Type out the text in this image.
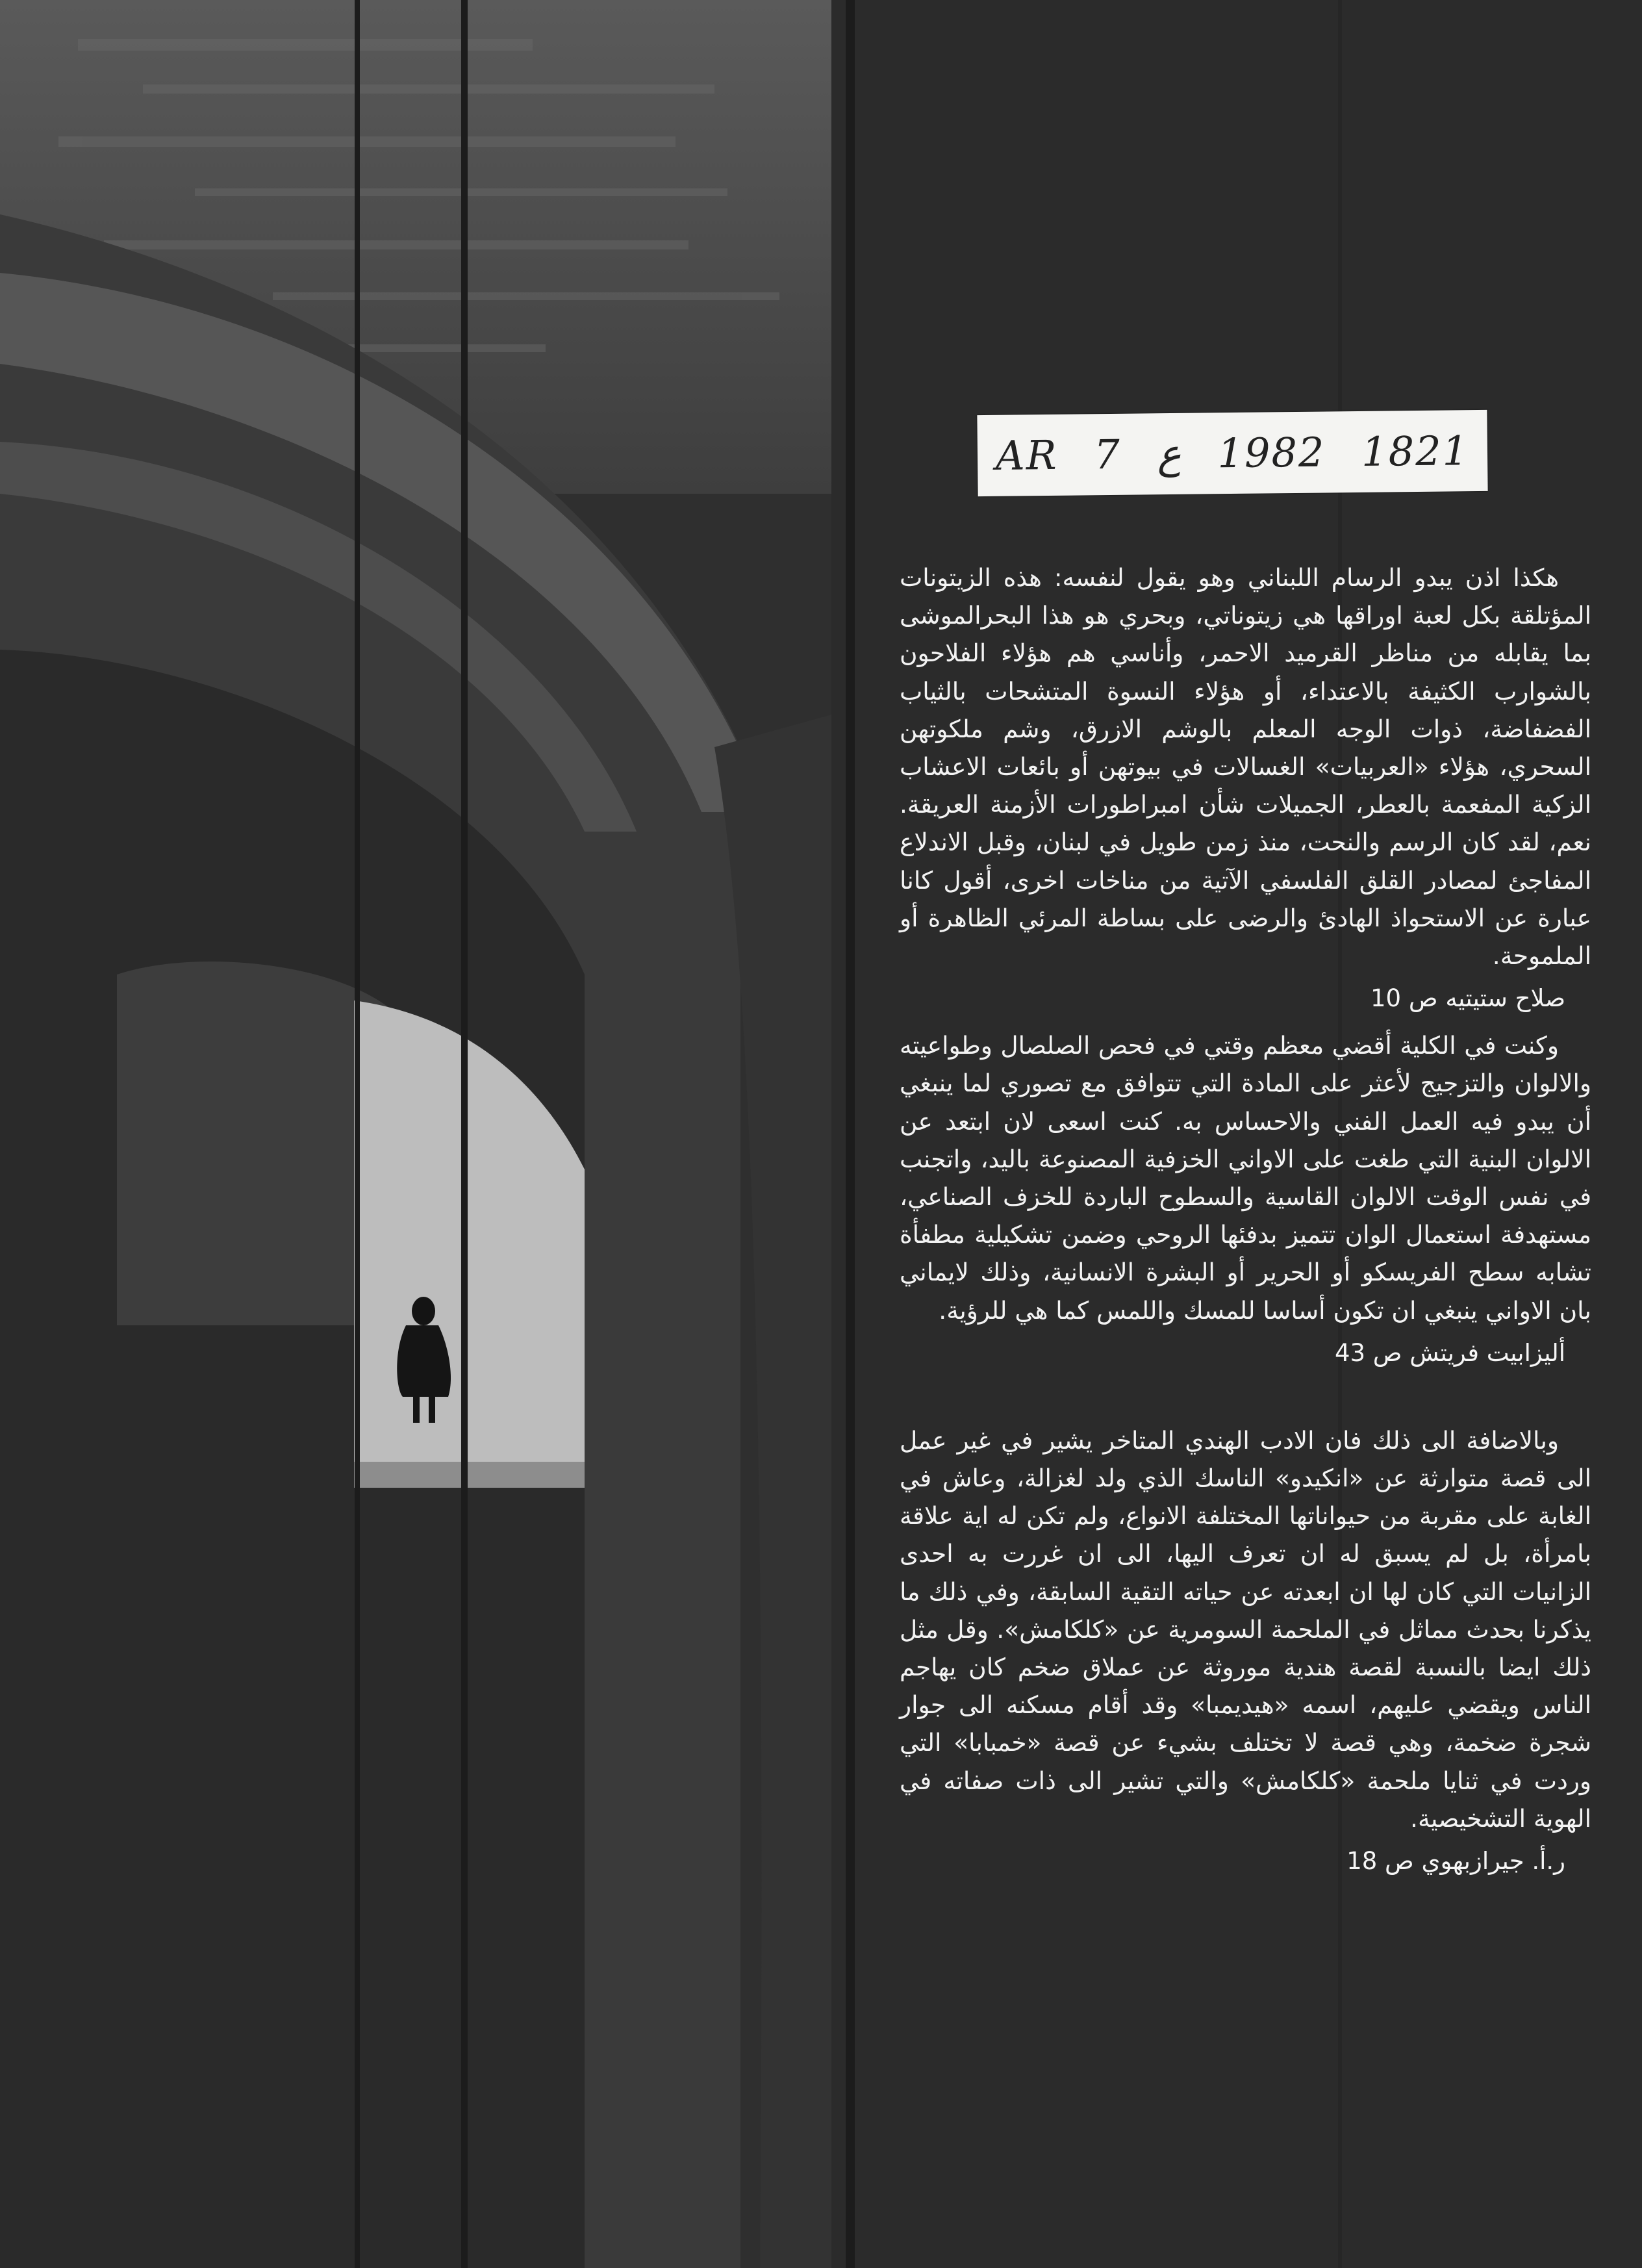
AR 7 ع 1982 1821

هكذا اذن يبدو الرسام اللبناني وهو يقول لنفسه: هذه الزيتونات المؤتلقة بكل لعبة اوراقها هي زيتوناتي، وبحري هو هذا البحرالموشى بما يقابله من مناظر القرميد الاحمر، وأناسي هم هؤلاء الفلاحون بالشوارب الكثيفة بالاعتداء، أو هؤلاء النسوة المتشحات بالثياب الفضفاضة، ذوات الوجه المعلم بالوشم الازرق، وشم ملكوتهن السحري، هؤلاء «العربيات» الغسالات في بيوتهن أو بائعات الاعشاب الزكية المفعمة بالعطر، الجميلات شأن امبراطورات الأزمنة العريقة. نعم، لقد كان الرسم والنحت، منذ زمن طويل في لبنان، وقبل الاندلاع المفاجئ لمصادر القلق الفلسفي الآتية من مناخات اخرى، أقول كانا عبارة عن الاستحواذ الهادئ والرضى على بساطة المرئي الظاهرة أو الملموحة.

صلاح ستيتيه ص 10

وكنت في الكلية أقضي معظم وقتي في فحص الصلصال وطواعيته والالوان والتزجيج لأعثر على المادة التي تتوافق مع تصوري لما ينبغي أن يبدو فيه العمل الفني والاحساس به. كنت اسعى لان ابتعد عن الالوان البنية التي طغت على الاواني الخزفية المصنوعة باليد، واتجنب في نفس الوقت الالوان القاسية والسطوح الباردة للخزف الصناعي، مستهدفة استعمال الوان تتميز بدفئها الروحي وضمن تشكيلية مطفأة تشابه سطح الفريسكو أو الحرير أو البشرة الانسانية، وذلك لايماني بان الاواني ينبغي ان تكون أساسا للمسك واللمس كما هي للرؤية.

أليزابيت فريتش ص 43

وبالاضافة الى ذلك فان الادب الهندي المتاخر يشير في غير عمل الى قصة متوارثة عن «انكيدو» الناسك الذي ولد لغزالة، وعاش في الغابة على مقربة من حيواناتها المختلفة الانواع، ولم تكن له اية علاقة بامرأة، بل لم يسبق له ان تعرف اليها، الى ان غررت به احدى الزانيات التي كان لها ان ابعدته عن حياته التقية السابقة، وفي ذلك ما يذكرنا بحدث مماثل في الملحمة السومرية عن «كلكامش». وقل مثل ذلك ايضا بالنسبة لقصة هندية موروثة عن عملاق ضخم كان يهاجم الناس ويقضي عليهم، اسمه «هيديمبا» وقد أقام مسكنه الى جوار شجرة ضخمة، وهي قصة لا تختلف بشيء عن قصة «خمبابا» التي وردت في ثنايا ملحمة «كلكامش» والتي تشير الى ذات صفاته في الهوية التشخيصية.

ر.أ. جيرازبهوي ص 18
